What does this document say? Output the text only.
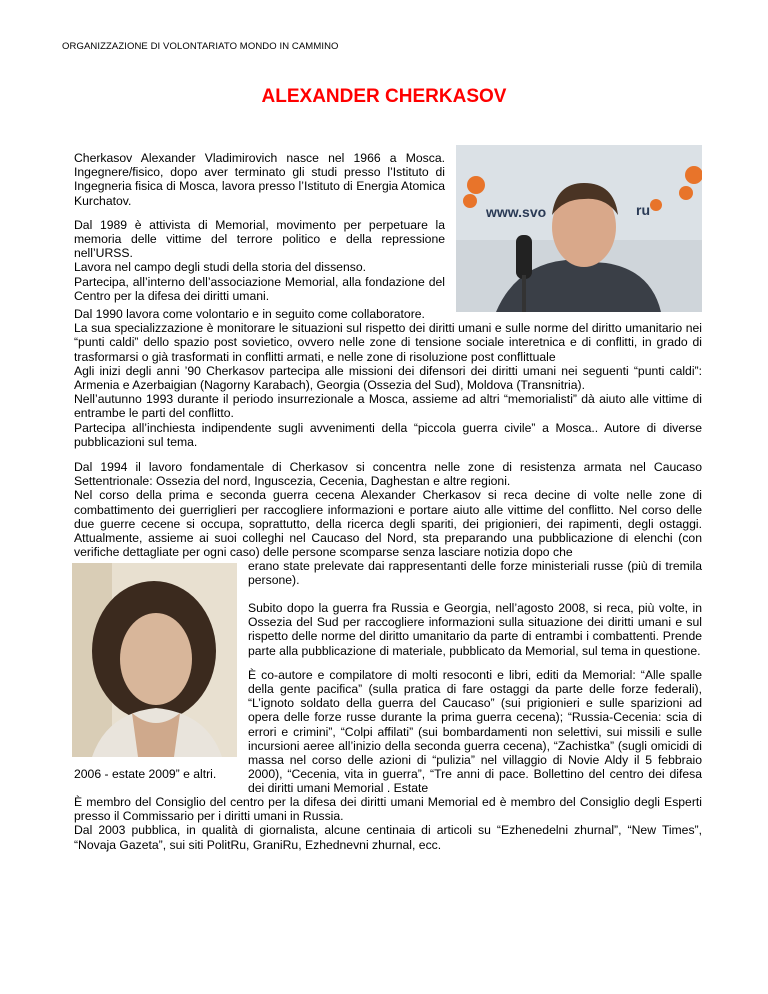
ORGANIZZAZIONE DI VOLONTARIATO MONDO IN CAMMINO
ALEXANDER CHERKASOV
www.svo	ru

Cherkasov Alexander Vladimirovich nasce nel 1966 a Mosca. Ingegnere/fisico, dopo aver terminato gli studi presso l’Istituto di Ingegneria fisica di Mosca, lavora presso l’Istituto di Energia Atomica Kurchatov.

Dal 1989 è attivista di Memorial, movimento per perpetuare la memoria delle vittime del terrore politico e della repressione nell’URSS.
Lavora nel campo degli studi della storia del dissenso.
Partecipa, all’interno dell’associazione Memorial, alla fondazione del Centro per la difesa dei diritti umani.
Dal 1990 lavora come volontario e in seguito come collaboratore.
La sua specializzazione è monitorare le situazioni sul rispetto dei diritti umani e sulle norme del diritto umanitario nei “punti caldi” dello spazio post sovietico, ovvero nelle zone di tensione sociale interetnica e di conflitti, in grado di trasformarsi o già trasformati in conflitti armati, e nelle zone di risoluzione post conflittuale
Agli inizi degli anni ’90 Cherkasov partecipa alle missioni dei difensori dei diritti umani nei seguenti “punti caldi”: Armenia e Azerbaigian (Nagorny Karabach), Georgia (Ossezia del Sud), Moldova (Transnitria).
Nell’autunno 1993 durante il periodo insurrezionale a Mosca, assieme ad altri “memorialisti” dà aiuto alle vittime di entrambe le parti del conflitto.
Partecipa all’inchiesta indipendente sugli avvenimenti della “piccola guerra civile” a Mosca.. Autore di diverse pubblicazioni sul tema.
Dal 1994 il lavoro fondamentale di Cherkasov si concentra nelle zone di resistenza armata nel Caucaso Settentrionale: Ossezia del nord, Inguscezia, Cecenia, Daghestan e altre regioni.
Nel corso della prima e seconda guerra cecena Alexander Cherkasov si reca decine di volte nelle zone di combattimento dei guerriglieri per raccogliere informazioni e portare aiuto alle vittime del conflitto. Nel corso delle due guerre cecene si occupa, soprattutto, della ricerca degli spariti, dei prigionieri, dei rapimenti, degli ostaggi. Attualmente, assieme ai suoi colleghi nel Caucaso del Nord, sta preparando una pubblicazione di elenchi (con verifiche dettagliate per ogni caso) delle persone scomparse senza lasciare notizia dopo che
erano state prelevate dai rappresentanti delle forze ministeriali russe (più di tremila persone).

Subito dopo la guerra fra Russia e Georgia, nell’agosto 2008, si reca, più volte, in Ossezia del Sud per raccogliere informazioni sulla situazione dei diritti umani e sul rispetto delle norme del diritto umanitario da parte di entrambi i combattenti. Prende parte alla pubblicazione di materiale, pubblicato da Memorial, sul tema in questione.

È co-autore e compilatore di molti resoconti e libri, editi da Memorial: “Alle spalle della gente pacifica” (sulla pratica di fare ostaggi da parte delle forze federali), “L’ignoto soldato della guerra del Caucaso” (sui prigionieri e sulle sparizioni ad opera delle forze russe durante la prima guerra cecena); “Russia-Cecenia: scia di errori e crimini”, “Colpi affilati” (sui bombardamenti non selettivi, sui missili e sulle incursioni aeree all’inizio della seconda guerra cecena), “Zachistka” (sugli omicidi di massa nel corso delle azioni di “pulizia” nel villaggio di Novie Aldy il 5 febbraio 2000), “Cecenia, vita in guerra”, “Tre anni di pace. Bollettino del centro dei difesa dei diritti umani Memorial . Estate

2006 - estate 2009” e altri.
È membro del Consiglio del centro per la difesa dei diritti umani Memorial ed è membro del Consiglio degli Esperti presso il Commissario per i diritti umani in Russia.
Dal 2003 pubblica, in qualità di giornalista, alcune centinaia di articoli su “Ezhenedelni zhurnal”, “New Times”, “Novaja Gazeta”, sui siti PolitRu, GraniRu, Ezhednevni zhurnal, ecc.
